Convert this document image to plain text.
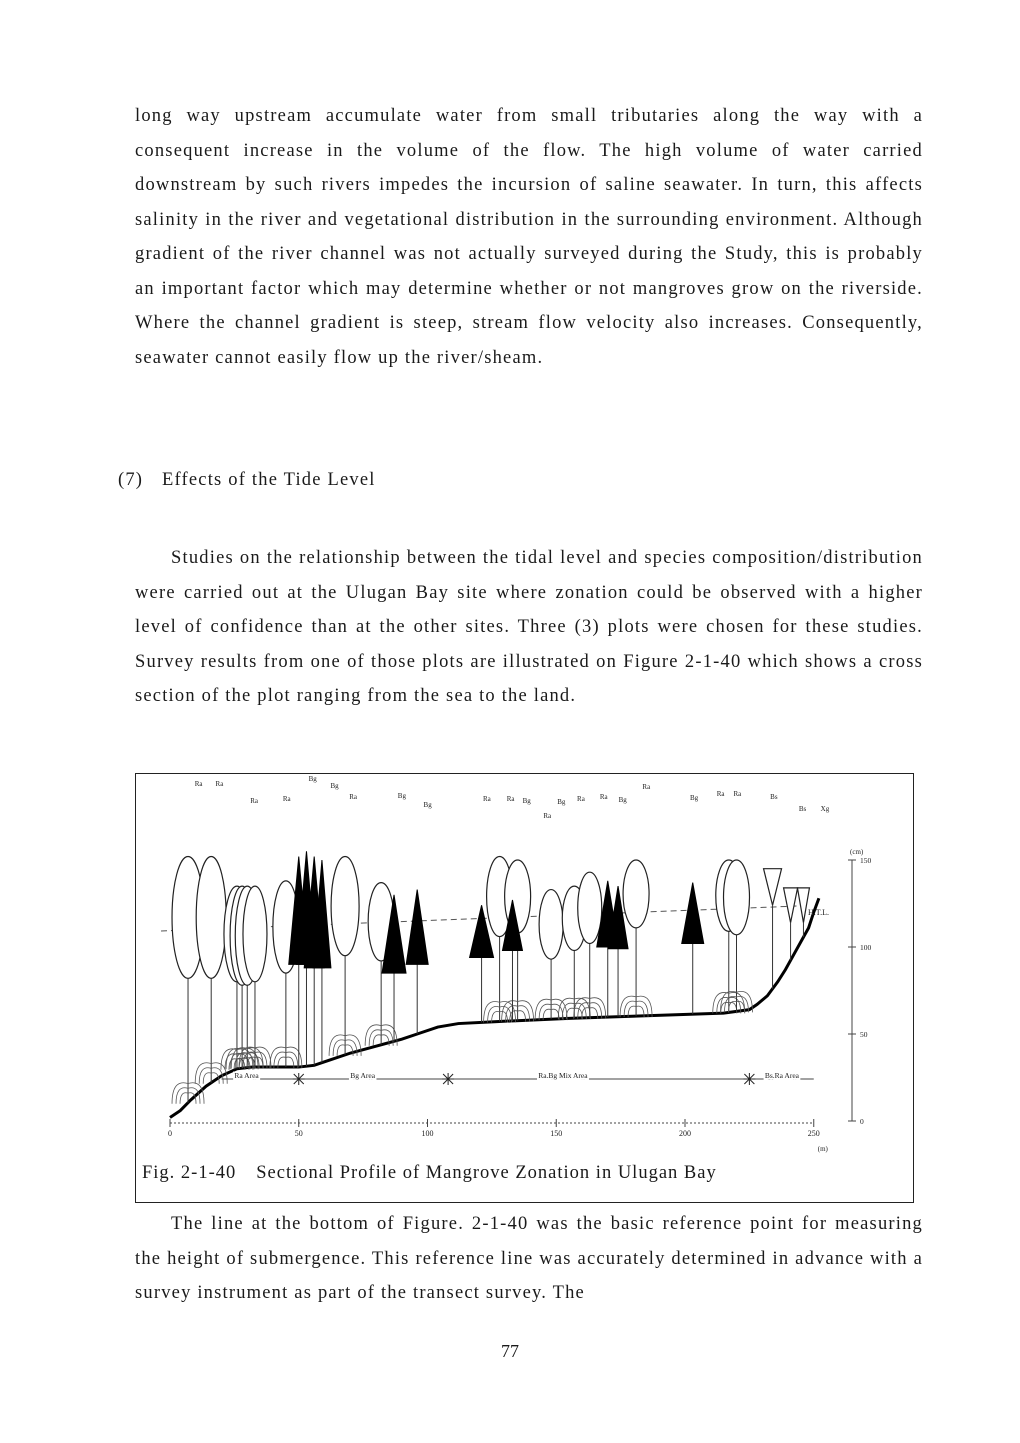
long way upstream accumulate water from small tributaries along the way with a consequent increase in the volume of the flow. The high volume of water carried downstream by such rivers impedes the incursion of saline seawater. In turn, this affects salinity in the river and vegetational distribution in the surrounding environment. Although gradient of the river channel was not actually surveyed during the Study, this is probably an important factor which may determine whether or not mangroves grow on the riverside. Where the channel gradient is steep, stream flow velocity also increases. Consequently, seawater cannot easily flow up the river/sheam.

(7) Effects of the Tide Level

Studies on the relationship between the tidal level and species composition/distribution were carried out at the Ulugan Bay site where zonation could be observed with a higher level of confidence than at the other sites. Three (3) plots were chosen for these studies. Survey results from one of those plots are illustrated on Figure 2-1-40 which shows a cross section of the plot ranging from the sea to the land.

H.T.L.
Ra Ra
Ra	Ra
Bg
Bg
Ra	Bg
Bg
Ra Ra Bg
Ra
Bg Ra Ra Bg
Ra
Bg	Ra Ra	Bs
Bs Xg
Ra Area	Bg Area	Ra.Bg Mix Area	Bs.Ra Area
0	50	100	150	200	250
(m)
0
50
100
150
(cm)

Fig. 2-1-40 Sectional Profile of Mangrove Zonation in Ulugan Bay

The line at the bottom of Figure. 2-1-40 was the basic reference point for measuring the height of submergence. This reference line was accurately determined in advance with a survey instrument as part of the transect survey. The

77
